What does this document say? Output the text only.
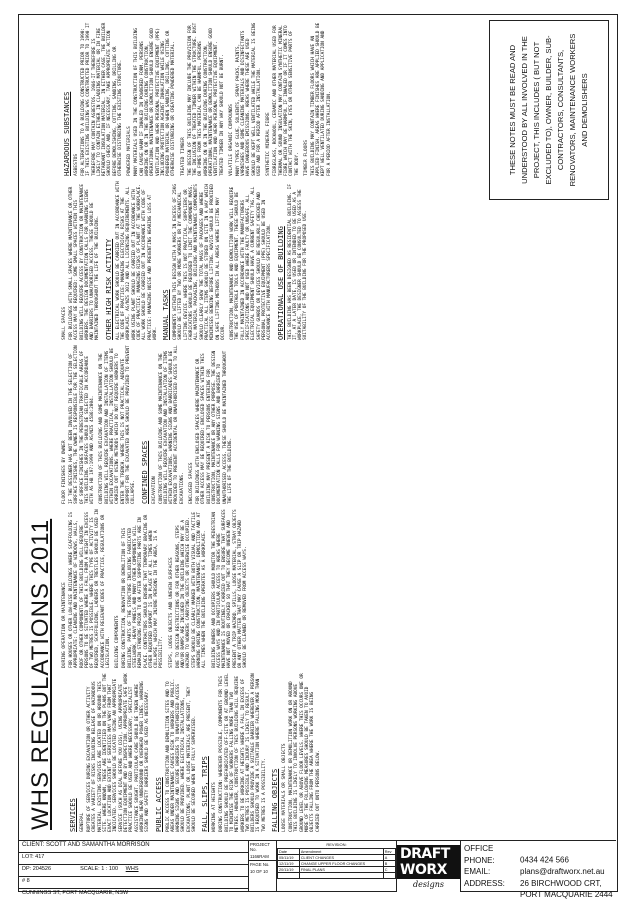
WHS REGULATIONS 2011 SERVICES GENERAL RUPTURE OF SERVICES DURING EXCAVATION OR OTHER ACTIVITY CREATES A VARIETY OF RISKS INCLUDING RELEASE OF HAZARDOUS MATERIAL. EXISTING SERVICES ARE LOCATED ON OR AROUND THIS SITE. WHERE KNOWN, THESE ARE IDENTIFIED ON THE PLANS BUT THE EXACT LOCATION AND EXTENT OF SERVICES MAY VARY FROM THAT INDICATED. SERVICES SHOULD BE LOCATED USING AN APPROPRIATE SERVICE (SUCH AS DIAL BEFORE YOU DIG), USING APPROPRIATE DETECTION EQUIPMENT AND BY INSPECTION. APPROPRIATE SAFE WORK PRACTICE SHOULD BE USED AND WHERE NECESSARY, SPECIALIST ASSISTANCE SOUGHT. PARTICULAR CARE SHOULD BE TAKEN WHERE WORKING NEAR UNDERGROUND OR OVERHEAD POWER LINES. WARNING SIGNS AND SAFETY BARRIERS SHOULD BE USED AS NECESSARY. PUBLIC ACCESS PUBLIC ACCESS TO CONSTRUCTION AND DEMOLITION SITES AND TO AREAS UNDER MAINTENANCE CAUSES RISK TO WORKERS AND PUBLIC. WARNING SIGNS AND SECURE BARRIERS TO UNAUTHORISED ACCESS SHOULD BE PROVIDED. WHERE ELECTRICAL INSTALLATIONS, EXCAVATIONS, PLANT OR LOOSE MATERIALS ARE PRESENT, THEY SHOULD BE SECURED WHEN NOT FULLY SUPERVISED. FALL, SLIPS, TRIPS WORKING AT HEIGHTS DURING CONSTRUCTION: WHEREVER POSSIBLE, COMPONENTS FOR THIS BUILDING SHOULD BE PREFABRICATED OFF-SITE OR AT GROUND LEVEL TO MINIMISE THE RISK OF WORKERS FALLING MORE THAN TWO METRES. HOWEVER, CONSTRUCTION OF THIS BUILDING WILL REQUIRE WORKERS TO BE WORKING AT HEIGHTS WHERE A FALL IN EXCESS OF TWO METRES IS POSSIBLE AND INJURY IS LIKELY TO RESULT. BUILDERS SHOULD PROVIDE A SUITABLE BARRIER WHEREVER A PERSON IS REQUIRED TO WORK IN A SITUATION WHERE FALLING MORE THAN TWO METRES IS A POSSIBILITY. FALLING OBJECTS LOOSE MATERIALS OR SMALL OBJECTS CONSTRUCTION, MAINTENANCE OR DEMOLITION WORK ON OR AROUND THIS BUILDING IS LIKELY TO INVOLVE PERSONS WORKING ABOVE GROUND LEVEL OR ABOVE FLOOR LEVELS. WHERE THIS OCCURS ONE OR MORE OF THE FOLLOWING MEASURES SHOULD BE TAKEN TO AVOID OBJECTS FALLING FROM THE AREA WHERE THE WORK IS BEING CARRIED OUT ONTO PERSONS BELOW.
DURING OPERATION OR MAINTENANCE FOR HOUSES OR OTHER LOW-RISE BUILDINGS WHERE SCAFFOLDING IS APPROPRIATE: CLEANING AND MAINTENANCE OF WINDOWS, WALLS, ROOF OR OTHER COMPONENTS OF THIS BUILDING WILL REQUIRE PERSONS TO BE SITUATED WHERE A FALL FROM A HEIGHT IN EXCESS OF TWO METRES IS POSSIBLE. WHERE THIS TYPE OF ACTIVITY IS REQUIRED, SCAFFOLDING, LADDERS OR TRESTLES SHOULD BE USED IN ACCORDANCE WITH RELEVANT CODES OF PRACTICE, REGULATIONS OR LEGISLATION. BUILDING COMPONENTS DURING CONSTRUCTION, RENOVATION OR DEMOLITION OF THIS BUILDING, PARTS OF THE STRUCTURE INCLUDING FABRICATED STEELWORK, HEAVY PANELS AND MANY OTHER COMPONENTS WILL REMAIN STANDING PRIOR TO OR AFTER SUPPORTING PARTS ARE IN PLACE. CONTRACTORS SHOULD ENSURE THAT TEMPORARY BRACING OR OTHER REQUIRED SUPPORT IS IN PLACE AT ALL TIMES WHEN COLLAPSE, WHICH MAY INJURE PERSONS IN THE AREA, IS A POSSIBILITY. STEPS, LOOSE OBJECTS AND UNEVEN SURFACES DUE TO DESIGN RESTRICTIONS OR FOR OTHER REASONS, STEPS AND/OR RAMPS ARE INCLUDED IN THE BUILDING WHICH MAY BE A HAZARD TO WORKERS CARRYING OBJECTS OR OTHERWISE OCCUPIED. STEPS SHOULD BE CLEARLY MARKED WITH BOTH VISUAL AND TACTILE WARNING DURING CONSTRUCTION, MAINTENANCE, DEMOLITION AND AT ALL TIMES WHEN THE BUILDING OPERATES AS A WORKPLACE. BUILDING OWNERS AND OCCUPIERS SHOULD MONITOR THE PEDESTRIAN ACCESS WAYS AND IN PARTICULAR ACCESS TO AREAS WHERE MAINTENANCE IS ROUTINELY CARRIED OUT TO ENSURE THAT SURFACES HAVE NOT MOVED OR CRACKED SO THAT THEY BECOME UNEVEN AND PRESENT A TRIP HAZARD. SPILLS, LOOSE MATERIAL, STRAY OBJECTS OR ANY OTHER MATTER THAT MAY CAUSE A SLIP OR TRIP HAZARD SHOULD BE CLEANED OR REMOVED FROM ACCESS WAYS.
FLOOR FINISHES BY OWNER IF THE DESIGNER HAS NOT BEEN INVOLVED IN THE SELECTION OF SURFACE FINISHES, THE OWNER IS RESPONSIBLE FOR THE SELECTION OF SURFACE FINISHES IN THE PEDESTRIAN TRAFFICABLE AREAS OF THIS BUILDING. SURFACES SHOULD BE SELECTED IN ACCORDANCE WITH AS HB 197:1999 AND AS/NZS 4586:2004. CONSTRUCTION OF THIS BUILDING AND SOME MAINTENANCE ON THE BUILDING WILL REQUIRE EXCAVATION AND INSTALLATION OF ITEMS WITHIN EXCAVATIONS. WHERE PRACTICAL, INSTALLATION SHOULD BE CARRIED OUT USING METHODS WHICH DO NOT REQUIRE WORKERS TO ENTER THE TRENCH. WHERE THIS IS NOT PRACTICAL, ADEQUATE SUPPORT FOR THE EXCAVATED AREA SHOULD BE PROVIDED TO PREVENT COLLAPSE. CONFINED SPACES EXCAVATION CONSTRUCTION OF THIS BUILDING AND SOME MAINTENANCE ON THE BUILDING WILL REQUIRE EXCAVATION AND INSTALLATION OF ITEMS WITHIN EXCAVATIONS. WARNING SIGNS AND BARRICADES SHOULD BE PROVIDED TO PREVENT ACCIDENTAL OR UNAUTHORISED ACCESS TO ALL EXCAVATIONS. ENCLOSED SPACES FOR BUILDINGS WITH ENCLOSED SPACES WHERE MAINTENANCE OR OTHER ACCESS MAY BE REQUIRED: ENCLOSED SPACES WITHIN THIS BUILDING MAY PRESENT A RISK TO PERSONS ENTERING FOR CONSTRUCTION, MAINTENANCE OR ANY OTHER PURPOSE. THE DESIGN DOCUMENTATION CALLS FOR WARNING SIGNS AND BARRIERS TO UNAUTHORISED ACCESS. THESE SHOULD BE MAINTAINED THROUGHOUT THE LIFE OF THE BUILDING.
SMALL SPACES FOR BUILDINGS WITH SMALL SPACES WHERE MAINTENANCE OR OTHER ACCESS MAY BE REQUIRED: SOME SMALL SPACES WITHIN THIS BUILDING WILL REQUIRE ACCESS BY CONSTRUCTION OR MAINTENANCE WORKERS. THE DESIGN DOCUMENTATION CALLS FOR WARNING SIGNS AND BARRIERS TO UNAUTHORISED ACCESS. THESE SHOULD BE MAINTAINED THROUGHOUT THE LIFE OF THE BUILDING. OTHER HIGH RISK ACTIVITY ALL ELECTRICAL WORK SHOULD BE CARRIED OUT IN ACCORDANCE WITH THE CODE OF PRACTICE: MANAGING ELECTRICAL RISKS AT THE WORKPLACE, AS/NZS 3012 AND ALL LICENSING REQUIREMENTS. ALL WORK USING PLANT SHOULD BE CARRIED OUT IN ACCORDANCE WITH CODE OF PRACTICE: MANAGING RISKS OF PLANT AT THE WORKPLACE. ALL WORK SHOULD BE CARRIED OUT IN ACCORDANCE WITH CODE OF PRACTICE: MANAGING NOISE AND PREVENTING HEARING LOSS AT WORK. MANUAL TASKS COMPONENTS WITHIN THIS DESIGN WITH A MASS IN EXCESS OF 25KG SHOULD BE LIFTED BY TWO OR MORE WORKERS OR BY MECHANICAL LIFTING DEVICE. WHERE THIS IS NOT PRACTICAL, SUPPLIERS OR FABRICATORS SHOULD BE REQUIRED TO LIMIT THE COMPONENT MASS. ALL MATERIAL PACKAGING, BUILDING AND MAINTENANCE COMPONENTS SHOULD CLEARLY SHOW THE TOTAL MASS OF PACKAGES AND WHERE PRACTICAL ALL ITEMS SHOULD BE STORED ON SITE IN A WAY WHICH MINIMISES BENDING BEFORE LIFTING. ADVICE SHOULD BE PROVIDED ON SAFE LIFTING METHODS IN ALL AREAS WHERE LIFTING MAY OCCUR. CONSTRUCTION, MAINTENANCE AND DEMOLITION WORK WILL REQUIRE THE USE OF PORTABLE TOOLS AND EQUIPMENT. THESE SHOULD BE FULLY MAINTAINED IN ACCORDANCE WITH THE MANUFACTURERS SPECIFICATIONS AND NOT USED WHERE FAULTY OR UNSAFE. ALL ELECTRICAL EQUIPMENT SHOULD HAVE A CURRENT SAFETY TAG. ALL SAFETY GUARDS OR DEVICES SHOULD BE REGULARLY CHECKED AND PERSONAL PROTECTIVE EQUIPMENT (PPE) SHOULD BE USED IN ACCORDANCE WITH MANUFACTURERS SPECIFICATION. OPERATIONAL USE OF BUILDING THIS BUILDING HAS BEEN DESIGNED AS RESIDENTIAL BUILDING. IF IT, AT A LATER DATE, IS USED OR INTENDED TO BE USED AS A WORKPLACE, THE DESIGNER SHOULD BE CONSULTED TO ASSESS THE SUITABILITY OF THE BUILDING FOR THE PROPOSED USE.
HAZARDOUS SUBSTANCES ASBESTOS FOR ALTERATIONS TO A BUILDING CONSTRUCTED PRIOR TO 1990: IF THIS EXISTING BUILDING WAS CONSTRUCTED PRIOR TO 1990 IT THEREFORE MAY CONTAIN ASBESTOS. 1986-IT THEREFORE IS LIKELY TO CONTAIN EITHER IN CLADDING MATERIAL OR IN FIRE RETARDANT INSULATION MATERIAL. IN EITHER CASE, THE BUILDER SHOULD CHECK AND, IF NECESSARY, TAKE APPROPRIATE ACTION BEFORE DEMOLISHING, CUTTING, SANDING, DRILLING OR OTHERWISE DISTURBING THE EXISTING STRUCTURE. POWDERED MATERIALS MANY MATERIALS USED IN THE CONSTRUCTION OF THIS BUILDING CAN CAUSE HARM IF INHALED IN POWDERED FORM. PERSONS WORKING ON OR IN THE BUILDING DURING CONSTRUCTION, OPERATIONAL MAINTENANCE OR DEMOLITION SHOULD ENSURE GOOD VENTILATION AND WEAR PERSONAL PROTECTIVE EQUIPMENT (PPE) INCLUDING PROTECTION AGAINST INHALATION WHILE USING POWDERED MATERIAL OR WHEN SANDING, DRILLING, CUTTING OR OTHERWISE DISTURBING OR CREATING POWDERED MATERIAL. TREATED TIMBER THE DESIGN OF THIS BUILDING MAY INCLUDE THE PROVISION FOR THE INCLUSION OF TREATED TIMBER WITHIN THE STRUCTURE. DUST OR FUMES FROM THIS MATERIAL CAN BE HARMFUL. PERSONS WORKING ON OR IN THE BUILDING DURING CONSTRUCTION, OPERATIONAL MAINTENANCE OR DEMOLITION SHOULD ENSURE GOOD VENTILATION AND WEAR PERSONAL PROTECTIVE EQUIPMENT. TREATED TIMBER IN ANY WAY SHOULD NOT BE BURNT. VOLATILE ORGANIC COMPOUNDS MANY TYPES OF GLUE, SOLVENTS, SPRAY PACKS, PAINTS, VARNISHES AND SOME CLEANING MATERIALS AND DISINFECTANTS HAVE DANGEROUS EMISSIONS. AREAS WHERE THESE ARE USED SHOULD BE KEPT WELL VENTILATED WHILE THE MATERIAL IS BEING USED AND FOR A PERIOD AFTER INSTALLATION. SYNTHETIC MINERAL FIBRE FIBREGLASS, ROCKWOOL, CERAMIC AND OTHER MATERIAL USED FOR THERMAL OR SOUND INSULATION MAY CONTAIN SYNTHETIC MINERAL FIBRE WHICH MAY BE HARMFUL IF INHALED OR IF IT COMES INTO CONTACT WITH THE SKIN, EYES OR OTHER SENSITIVE PARTS OF THE BODY. TIMBER FLOORS THIS BUILDING MAY CONTAIN TIMBER FLOORS WHICH HAVE AN APPLIED FINISH. AREAS WHERE FINISHES ARE APPLIED SHOULD BE KEPT WELL VENTILATED DURING SANDING AND APPLICATION AND FOR A PERIOD AFTER INSTALLATION.	THESE NOTES MUST BE READ AND UNDERSTOOD BY ALL INVOLVED IN THE PROJECT, THIS INCLUDES ( BUT NOT EXCLUDED TO), OWNER, BUILDER, SUB-CONTRACTORS, CONSULTANTS, RENOVATORS, MAINTENANCE WORKERS AND DEMOLISHERS
CLIENT: SCOTT AND SAMANTHA MORRISON
LOT: 417
DP: 204526	SCALE: 1 : 100 WHS
# 8
CUNNINGS ST, PORT MACQUARIE, NSW
PROJECT No.
1166RAM
PAGE No.
10 OF 10
REVISION:
Date	Amendment	Rev
05/11/19	CLIENT CHANGES	A
12/11/19	CHANGE UPPER FLOOR CHANGES	B
20/11/19	FINAL PLANS	C

DRAFT WORX
designs
OFFICE PHONE:	0434 424 566
EMAIL:	plans@draftworx.net.au
ADDRESS: 26 BIRCHWOOD CRT,
PORT MACQUARIE 2444
